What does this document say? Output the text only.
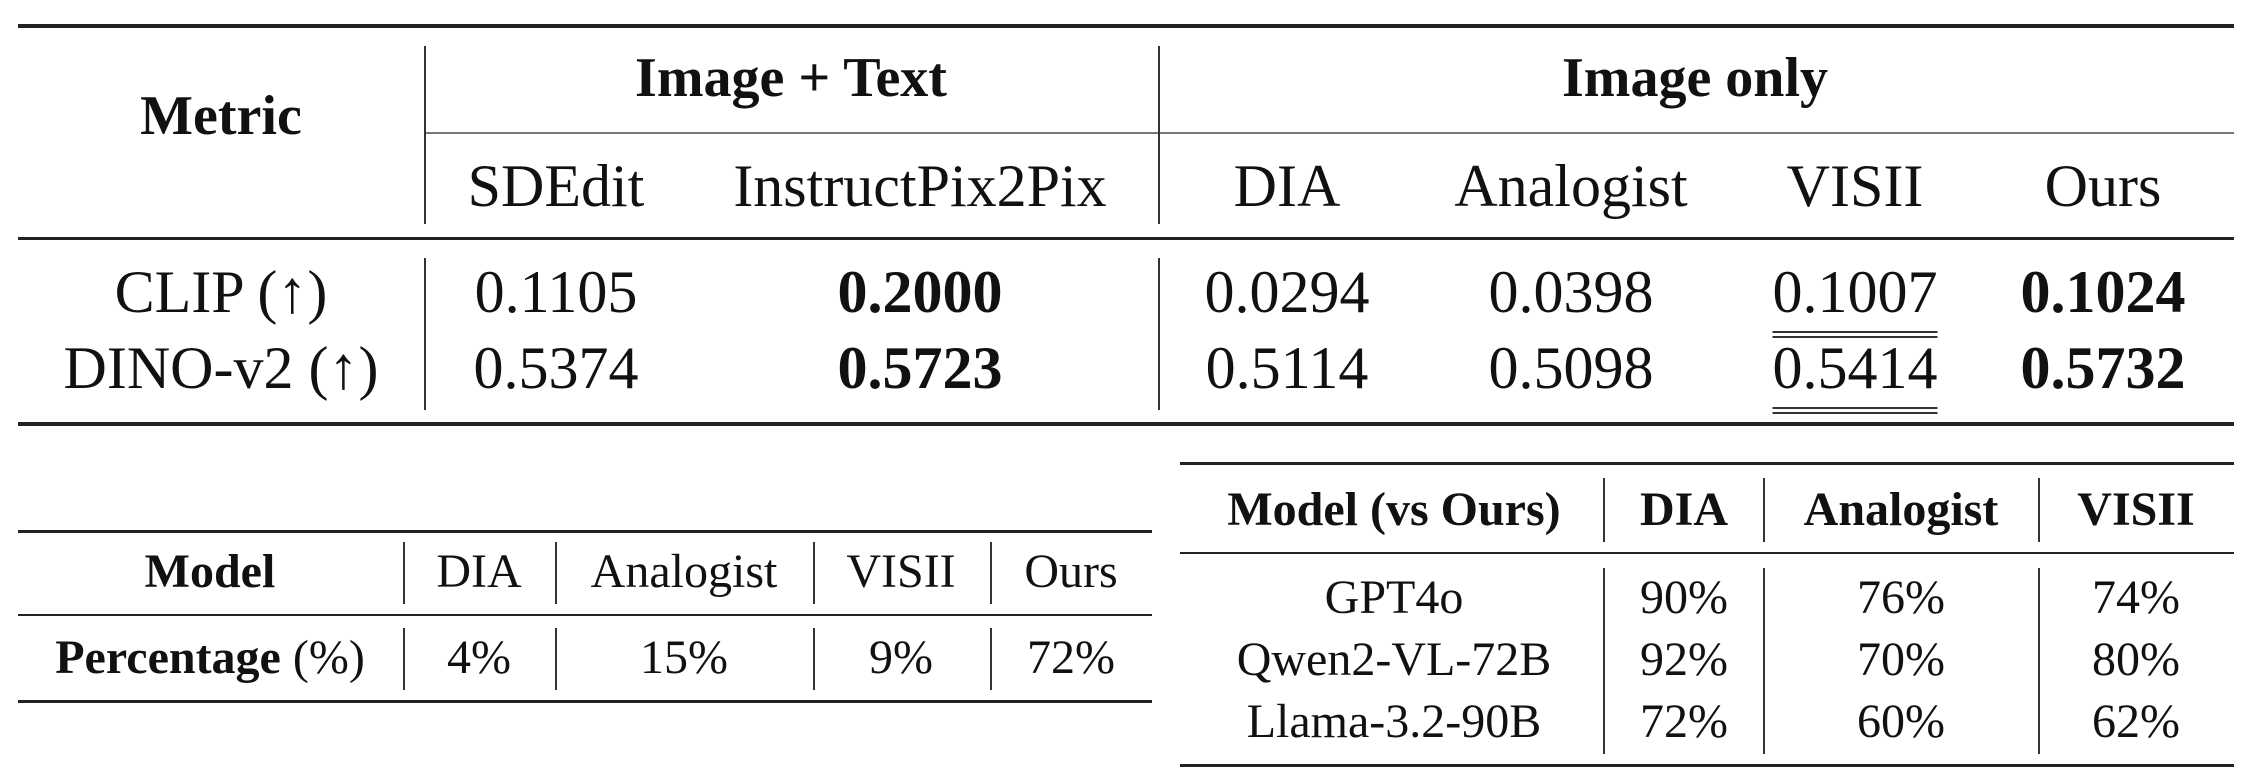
Metric
Image + Text	Image only
SDEdit InstructPix2Pix DIA Analogist VISII Ours
CLIP (↑) 0.1105	0.2000	0.0294 0.0398 0.1007 0.1024
DINO-v2 (↑) 0.5374	0.5723	0.5114 0.5098 0.5414 0.5732
Model	DIA Analogist VISII Ours
Percentage (%) 4%	15%	9% 72%
Model (vs Ours) DIA Analogist VISII
GPT4o	90%	76%	74%
Qwen2-VL-72B 92%	70%	80%
Llama-3.2-90B 72%	60%	62%
